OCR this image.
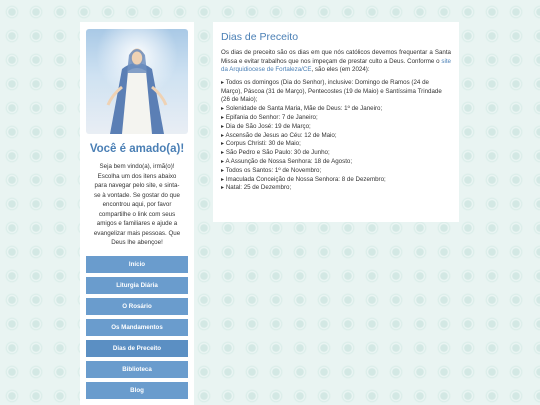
Você é amado(a)!
Seja bem vindo(a), irmã(o)! Escolha um dos itens abaixo para navegar pelo site, e sinta-se à vontade. Se gostar do que encontrou aqui, por favor compartilhe o link com seus amigos e familiares e ajude a evangelizar mais pessoas. Que Deus lhe abençoe!
Início
Liturgia Diária
O Rosário
Os Mandamentos
Dias de Preceito
Biblioteca
Blog
Dias de Preceito

Os dias de preceito são os dias em que nós católicos devemos frequentar a Santa Missa e evitar trabalhos que nos impeçam de prestar culto a Deus. Conforme o site da Arquidiocese de Fortaleza/CE, são eles (em 2024):

▸ Todos os domingos (Dia do Senhor), inclusive: Domingo de Ramos (24 de Março), Páscoa (31 de Março), Pentecostes (19 de Maio) e Santíssima Trindade (26 de Maio);
▸ Solenidade de Santa Maria, Mãe de Deus: 1º de Janeiro;
▸ Epifania do Senhor: 7 de Janeiro;
▸ Dia de São José: 19 de Março;
▸ Ascensão de Jesus ao Céu: 12 de Maio;
▸ Corpus Christi: 30 de Maio;
▸ São Pedro e São Paulo: 30 de Junho;
▸ A Assunção de Nossa Senhora: 18 de Agosto;
▸ Todos os Santos: 1º de Novembro;
▸ Imaculada Conceição de Nossa Senhora: 8 de Dezembro;
▸ Natal: 25 de Dezembro;
